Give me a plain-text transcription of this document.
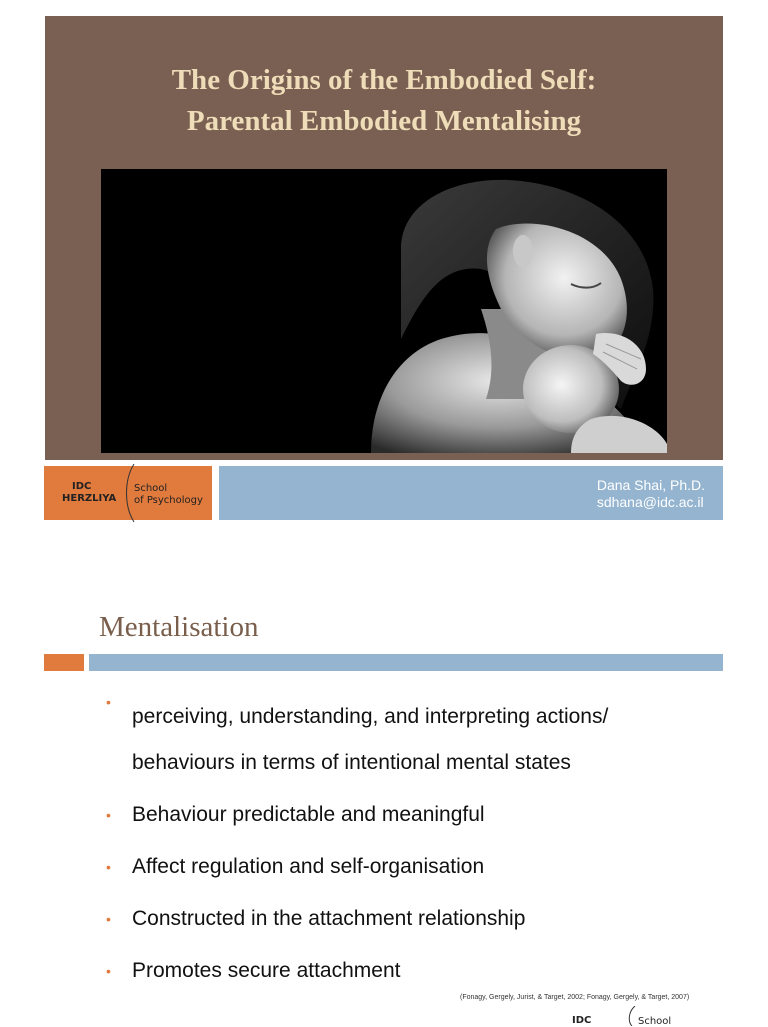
The Origins of the Embodied Self:
Parental Embodied Mentalising
IDC
HERZLIYA
School
of Psychology
Dana Shai, Ph.D.
sdhana@idc.ac.il
Mentalisation
•
perceiving, understanding, and interpreting actions/
behaviours in terms of intentional mental states
• Behaviour predictable and meaningful
• Affect regulation and self-organisation
• Constructed in the attachment relationship
• Promotes secure attachment
(Fonagy, Gergely, Jurist, & Target, 2002; Fonagy, Gergely, & Target, 2007)
IDC	School
